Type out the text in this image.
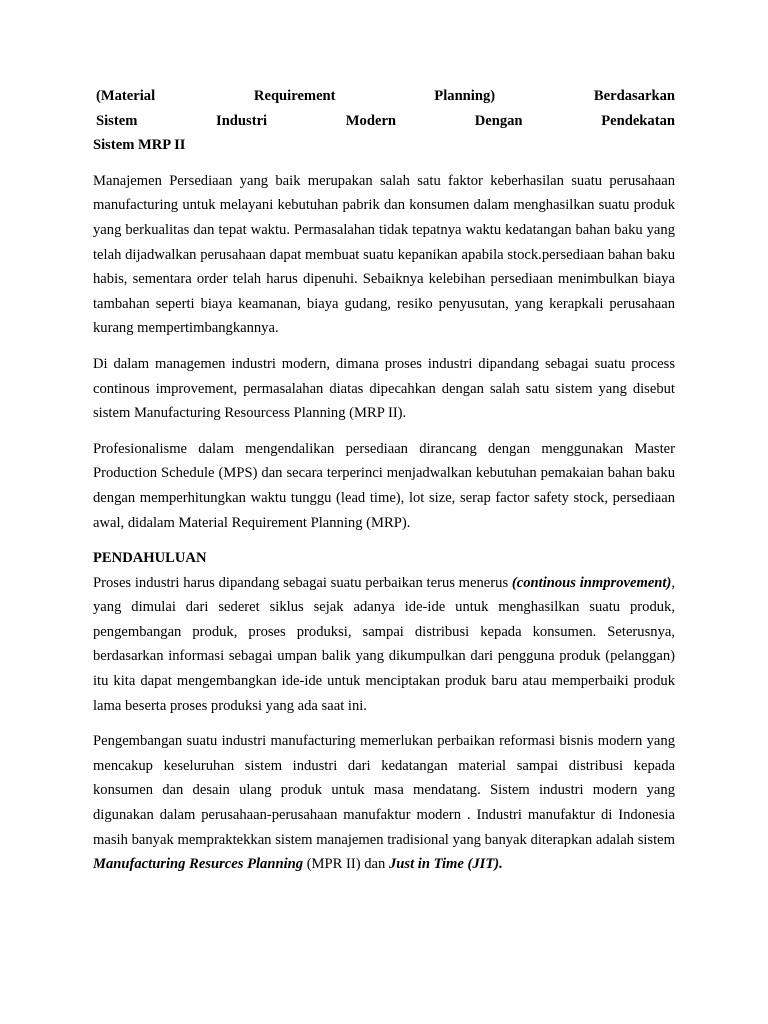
(Material	Requirement	Planning)	Berdasarkan
Sistem	Industri	Modern	Dengan	Pendekatan
Sistem MRP II

Manajemen Persediaan yang baik merupakan salah satu faktor keberhasilan suatu perusahaan manufacturing untuk melayani kebutuhan pabrik dan konsumen dalam menghasilkan suatu produk yang berkualitas dan tepat waktu. Permasalahan tidak tepatnya waktu kedatangan bahan baku yang telah dijadwalkan perusahaan dapat membuat suatu kepanikan apabila stock.persediaan bahan baku habis, sementara order telah harus dipenuhi. Sebaiknya kelebihan persediaan menimbulkan biaya tambahan seperti biaya keamanan, biaya gudang, resiko penyusutan, yang kerapkali perusahaan kurang mempertimbangkannya.

Di dalam managemen industri modern, dimana proses industri dipandang sebagai suatu process continous improvement, permasalahan diatas dipecahkan dengan salah satu sistem yang disebut sistem Manufacturing Resourcess Planning (MRP II).

Profesionalisme dalam mengendalikan persediaan dirancang dengan menggunakan Master Production Schedule (MPS) dan secara terperinci menjadwalkan kebutuhan pemakaian bahan baku dengan memperhitungkan waktu tunggu (lead time), lot size, serap factor safety stock, persediaan awal, didalam Material Requirement Planning (MRP).

PENDAHULUAN

Proses industri harus dipandang sebagai suatu perbaikan terus menerus (continous inmprovement), yang dimulai dari sederet siklus sejak adanya ide-ide untuk menghasilkan suatu produk, pengembangan produk, proses produksi, sampai distribusi kepada konsumen. Seterusnya, berdasarkan informasi sebagai umpan balik yang dikumpulkan dari pengguna produk (pelanggan) itu kita dapat mengembangkan ide-ide untuk menciptakan produk baru atau memperbaiki produk lama beserta proses produksi yang ada saat ini.

Pengembangan suatu industri manufacturing memerlukan perbaikan reformasi bisnis modern yang mencakup keseluruhan sistem industri dari kedatangan material sampai distribusi kepada konsumen dan desain ulang produk untuk masa mendatang. Sistem industri modern yang digunakan dalam perusahaan-perusahaan manufaktur modern . Industri manufaktur di Indonesia masih banyak mempraktekkan sistem manajemen tradisional yang banyak diterapkan adalah sistem Manufacturing Resurces Planning (MPR II) dan Just in Time (JIT).
